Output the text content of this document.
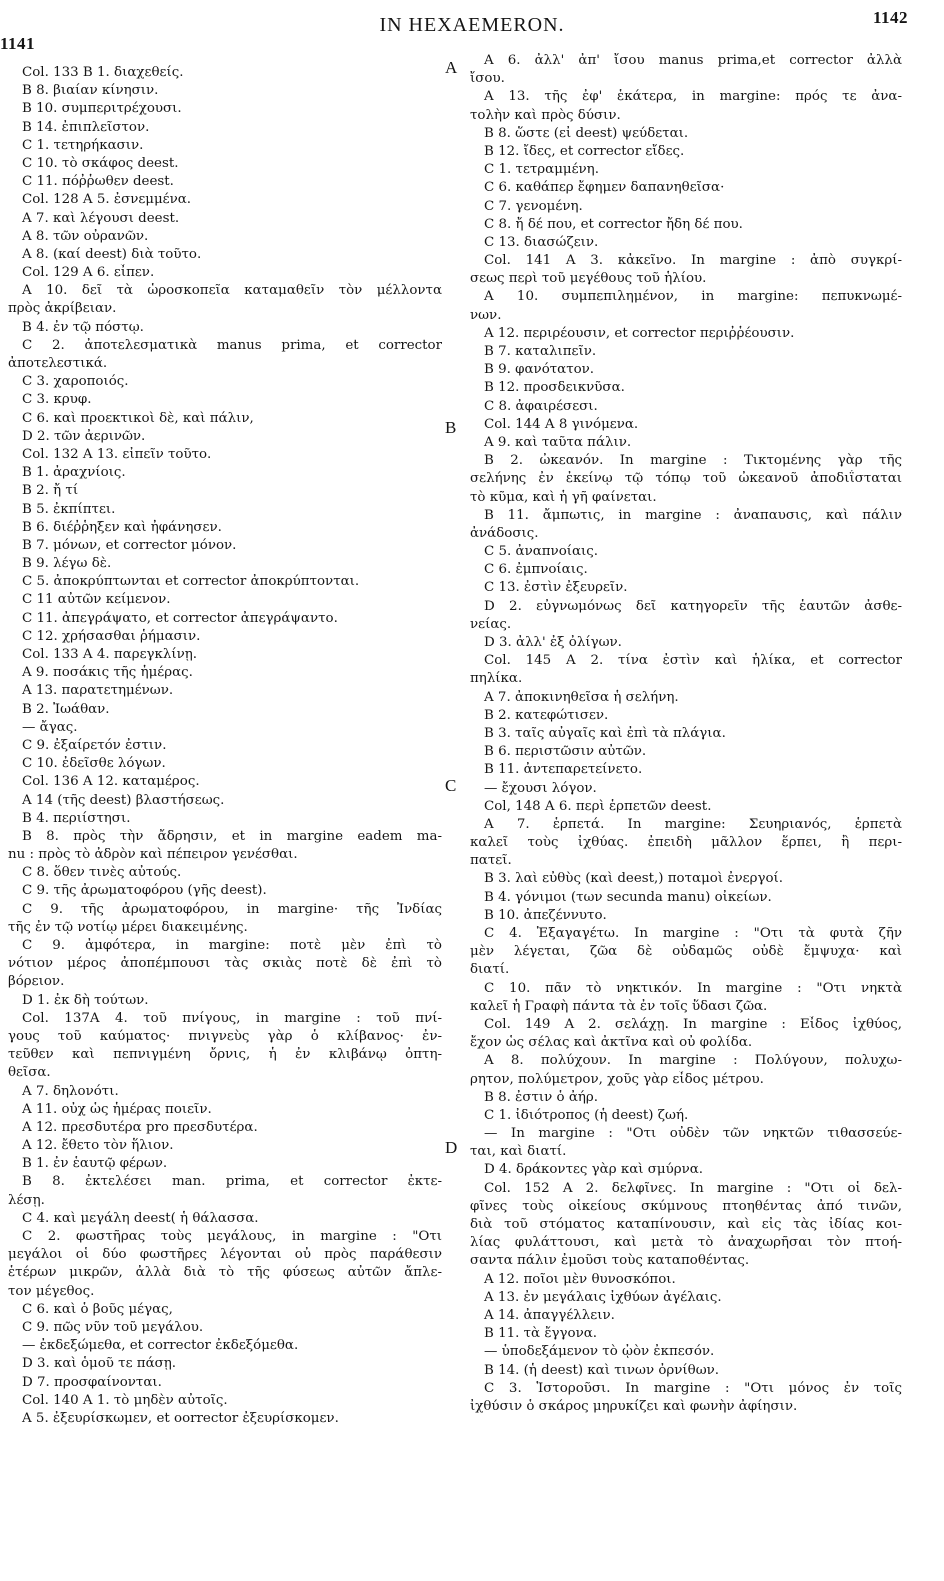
1141
IN HEXAEMERON.	1142
A
B
C
D
Col. 133 B 1. διαχεθείς.
B 8. βιαίαν κίνησιν.
B 10. συμπεριτρέχουσι.
B 14. ἐπιπλεῖστον.
C 1. τετηρήκασιν.
C 10. τὸ σκάφος deest.
C 11. πόῤῥωθεν deest.
Col. 128 A 5. ἐσνεμμένα.
A 7. καὶ λέγουσι deest.
A 8. τῶν οὐρανῶν.
A 8. (καί deest) διὰ τοῦτο.
Col. 129 A 6. εἶπεν.
A 10. δεῖ τὰ ὡροσκοπεῖα καταμαθεῖν τὸν μέλλοντα
πρὸς ἀκρίβειαν.
B 4. ἐν τῷ πόστῳ.
C 2. ἀποτελεσματικὰ manus prima, et corrector
ἀποτελεστικά.
C 3. χαροποιός.
C 3. κρυφ.
C 6. καὶ προεκτικοὶ δὲ, καὶ πάλιν,
D 2. τῶν ἀερινῶν.
Col. 132 A 13. εἰπεῖν τοῦτο.
B 1. ἀραχνίοις.
B 2. ἤ τί
B 5. ἐκπίπτει.
B 6. διέῤῥηξεν καὶ ἠφάνησεν.
B 7. μόνων, et corrector μόνον.
B 9. λέγω δὲ.
C 5. ἀποκρύπτωνται et corrector ἀποκρύπτονται.
C 11 αὐτῶν κείμενον.
C 11. ἀπεγράψατο, et corrector ἀπεγράψαντο.
C 12. χρήσασθαι ῥήμασιν.
Col. 133 A 4. παρεγκλίνῃ.
A 9. ποσάκις τῆς ἡμέρας.
A 13. παρατετημένων.
B 2. Ἰωάθαν.
— ἄγας.
C 9. ἐξαίρετόν ἐστιν.
C 10. ἐδεῖσθε λόγων.
Col. 136 A 12. καταμέρος.
A 14 (τῆς deest) βλαστήσεως.
B 4. περιίστησι.
B 8. πρὸς τὴν ἄδρησιν, et in margine eadem ma-
nu : πρὸς τὸ ἀδρὸν καὶ πέπειρον γενέσθαι.
C 8. ὅθεν τινὲς αὐτούς.
C 9. τῆς ἀρωματοφόρου (γῆς deest).
C 9. τῆς ἀρωματοφόρου, in margine· τῆς Ἰνδίας
τῆς ἐν τῷ νοτίῳ μέρει διακειμένης.
C 9. ἀμφότερα, in margine: ποτὲ μὲν ἐπὶ τὸ
νότιον μέρος ἀποπέμπουσι τὰς σκιὰς ποτὲ δὲ ἐπὶ τὸ
βόρειον.
D 1. ἐκ δὴ τούτων.
Col. 137A 4. τοῦ πνίγους, in margine : τοῦ πνί-
γους τοῦ καύματος· πνιγνεὺς γὰρ ὁ κλίβανος· ἐν-
τεῦθεν καὶ πεπνιγμένη ὄρνις, ἡ ἐν κλιβάνῳ ὀπτη-
θεῖσα.
A 7. δηλονότι.
A 11. οὐχ ὡς ἡμέρας ποιεῖν.
A 12. πρεσδυτέρα pro πρεσδυτέρα.
A 12. ἔθετο τὸν ἥλιον.
B 1. ἐν ἑαυτῷ φέρων.
B 8. ἐκτελέσει man. prima, et corrector ἐκτε-
λέσῃ.
C 4. καὶ μεγάλη deest( ἡ θάλασσα.
C 2. φωστῆρας τοὺς μεγάλους, in margine : "Οτι
μεγάλοι οἱ δύο φωστῆρες λέγονται οὐ πρὸς παράθεσιν
ἑτέρων μικρῶν, ἀλλὰ διὰ τὸ τῆς φύσεως αὐτῶν ἄπλε-
τον μέγεθος.
C 6. καὶ ὁ βοῦς μέγας,
C 9. πῶς νῦν τοῦ μεγάλου.
— ἐκδεξώμεθα, et corrector ἐκδεξόμεθα.
D 3. καὶ ὁμοῦ τε πάσῃ.
D 7. προσφαίνονται.
Col. 140 A 1. τὸ μηδὲν αὐτοῖς.
A 5. ἐξευρίσκωμεν, et oorrector ἐξευρίσκομεν.
A 6. ἀλλ' ἀπ' ἴσου manus prima,et corrector ἀλλὰ
ἴσου.
A 13. τῆς ἐφ' ἑκάτερα, in margine: πρός τε ἀνα-
τολὴν καὶ πρὸς δύσιν.
B 8. ὥστε (εἰ deest) ψεύδεται.
B 12. ἴδες, et corrector εἴδες.
C 1. τετραμμένη.
C 6. καθάπερ ἔφημεν δαπανηθεῖσα·
C 7. γενομένη.
C 8. ἤ δέ που, et corrector ἤδη δέ που.
C 13. διασώζειν.
Col. 141 A 3. κἀκεῖνο. In margine : ἀπὸ συγκρί-
σεως περὶ τοῦ μεγέθους τοῦ ἡλίου.
A 10. συμπεπιλημένον, in margine: πεπυκνωμέ-
νων.
A 12. περιρέουσιν, et corrector περιῤῥέουσιν.
B 7. καταλιπεῖν.
B 9. φανότατον.
B 12. προσδεικνῦσα.
C 8. ἀφαιρέσεσι.
Col. 144 A 8 γινόμενα.
A 9. καὶ ταῦτα πάλιν.
B 2. ὠκεανόν. In margine : Τικτομένης γὰρ τῆς
σελήνης ἐν ἐκείνῳ τῷ τόπῳ τοῦ ὠκεανοῦ ἀποδιΐσταται
τὸ κῦμα, καὶ ἡ γῆ φαίνεται.
B 11. ἄμπωτις, in margine : ἀναπαυσις, καὶ πάλιν
ἀνάδοσις.
C 5. ἀναπνοίαις.
C 6. ἐμπνοίαις.
C 13. ἐστὶν ἐξευρεῖν.
D 2. εὐγνωμόνως δεῖ κατηγορεῖν τῆς ἑαυτῶν ἀσθε-
νείας.
D 3. ἀλλ' ἐξ ὀλίγων.
Col. 145 A 2. τίνα ἐστὶν καὶ ἡλίκα, et corrector
πηλίκα.
A 7. ἀποκινηθεῖσα ἡ σελήνη.
B 2. κατεφώτισεν.
B 3. ταῖς αὐγαῖς καὶ ἐπὶ τὰ πλάγια.
B 6. περιστῶσιν αὐτῶν.
B 11. ἀντεπαρετείνετο.
— ἔχουσι λόγον.
Col, 148 A 6. περὶ ἑρπετῶν deest.
A 7. ἑρπετά. In margine: Σευηριανός, ἑρπετὰ
καλεῖ τοὺς ἰχθύας. ἐπειδὴ μᾶλλον ἕρπει, ἢ περι-
πατεῖ.
B 3. λαὶ εὐθὺς (καὶ deest,) ποταμοὶ ἐνεργοί.
B 4. γόνιμοι (των secunda manu) οἰκείων.
B 10. ἀπεζέννυτο.
C 4. Ἐξαγαγέτω. In margine : "Οτι τὰ φυτὰ ζῆν
μὲν λέγεται, ζῶα δὲ οὐδαμῶς οὐδὲ ἔμψυχα· καὶ
διατί.
C 10. πᾶν τὸ νηκτικόν. In margine : "Οτι νηκτὰ
καλεῖ ἡ Γραφὴ πάντα τὰ ἐν τοῖς ὕδασι ζῶα.
Col. 149 A 2. σελάχῃ. In margine : Εἶδος ἰχθύος,
ἔχον ὡς σέλας καὶ ἀκτῖνα καὶ οὐ φολίδα.
A 8. πολύχουν. In margine : Πολύγουν, πολυχω-
ρητον, πολύμετρον, χοῦς γὰρ εἶδος μέτρου.
B 8. ἐστιν ὁ ἀήρ.
C 1. ἰδιότροπος (ἡ deest) ζωή.
— In margine : "Οτι οὐδὲν τῶν νηκτῶν τιθασσεύε-
ται, καὶ διατί.
D 4. δράκοντες γὰρ καὶ σμύρνα.
Col. 152 A 2. δελφῖνες. In margine : "Οτι οἱ δελ-
φῖνες τοὺς οἰκείους σκύμνους πτοηθέντας ἀπό τινῶν,
διὰ τοῦ στόματος καταπίνουσιν, καὶ εἰς τὰς ἰδίας κοι-
λίας φυλάττουσι, καὶ μετὰ τὸ ἀναχωρῆσαι τὸν πτοή-
σαντα πάλιν ἐμοῦσι τοὺς καταποθέντας.
A 12. ποῖοι μὲν θυνοσκόποι.
A 13. ἐν μεγάλαις ἰχθύων ἀγέλαις.
A 14. ἀπαγγέλλειν.
B 11. τὰ ἔγγονα.
— ὑποδεξάμενον τὸ ᾠὸν ἐκπεσόν.
B 14. (ἡ deest) καὶ τινων ὀρνίθων.
C 3. Ἱστοροῦσι. In margine : "Οτι μόνος ἐν τοῖς
ἰχθύσιν ὁ σκάρος μηρυκίζει καὶ φωνὴν ἀφίησιν.
